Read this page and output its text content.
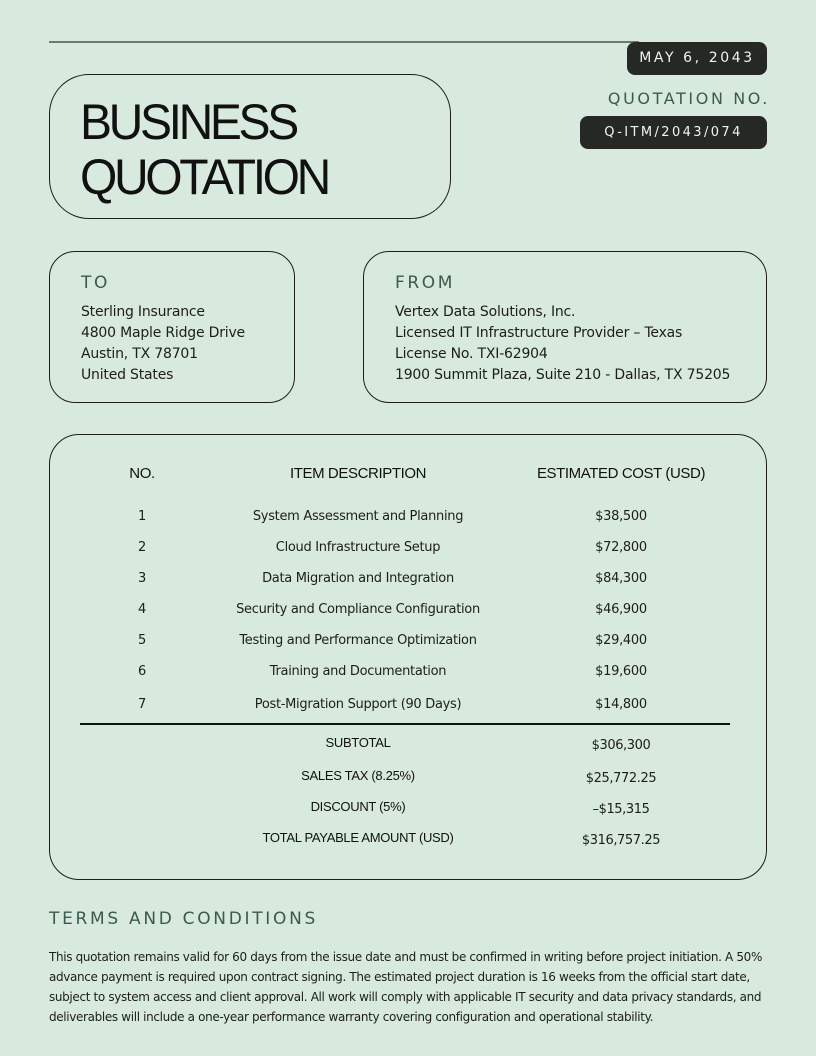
MAY 6, 2043
QUOTATION NO.
Q-ITM/2043/074
BUSINESS
QUOTATION
TO
Sterling Insurance
4800 Maple Ridge Drive
Austin, TX 78701
United States
FROM
Vertex Data Solutions, Inc.
Licensed IT Infrastructure Provider – Texas
License No. TXI-62904
1900 Summit Plaza, Suite 210 - Dallas, TX 75205
NO.	ITEM DESCRIPTION	ESTIMATED COST (USD)
1	System Assessment and Planning	$38,500
2	Cloud Infrastructure Setup	$72,800
3	Data Migration and Integration	$84,300
4	Security and Compliance Configuration	$46,900
5	Testing and Performance Optimization	$29,400
6	Training and Documentation	$19,600
7	Post-Migration Support (90 Days)	$14,800
SUBTOTAL	$306,300
SALES TAX (8.25%)	$25,772.25
DISCOUNT (5%)	–$15,315
TOTAL PAYABLE AMOUNT (USD)	$316,757.25
TERMS AND CONDITIONS
This quotation remains valid for 60 days from the issue date and must be confirmed in writing before project initiation. A 50% advance payment is required upon contract signing. The estimated project duration is 16 weeks from the official start date, subject to system access and client approval. All work will comply with applicable IT security and data privacy standards, and deliverables will include a one-year performance warranty covering configuration and operational stability.
